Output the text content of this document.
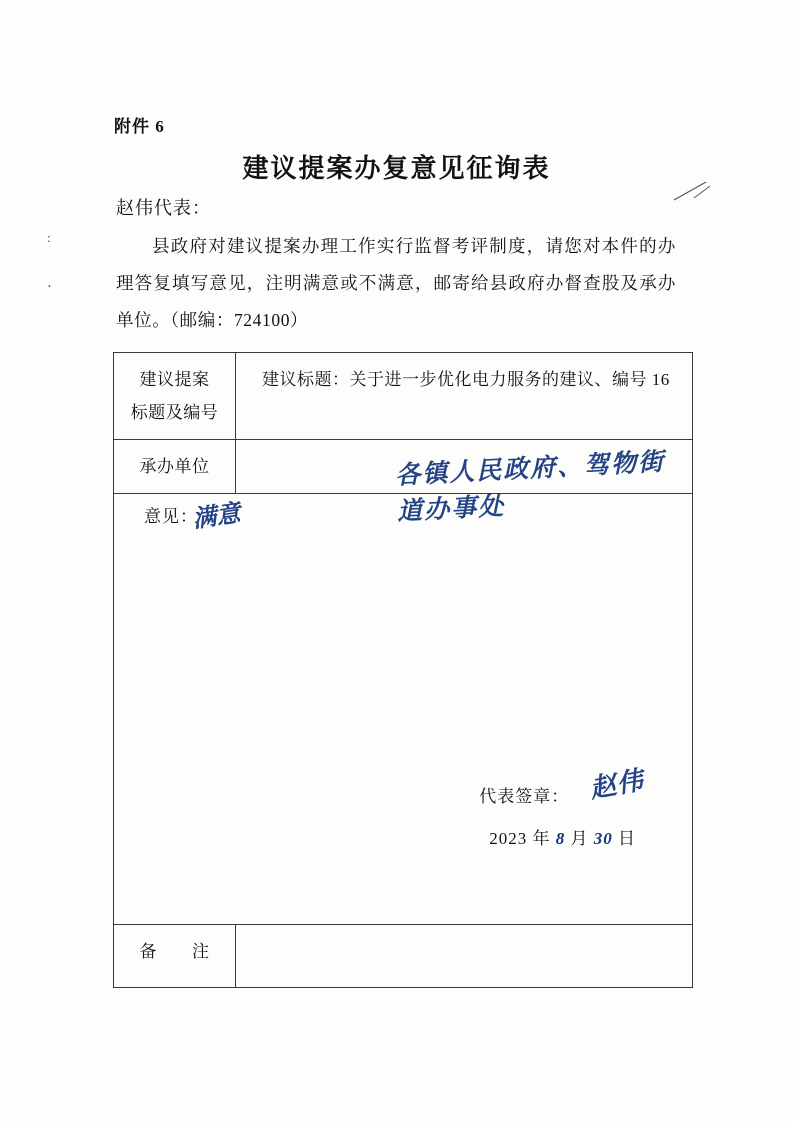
附件 6
建议提案办复意见征询表
赵伟代表：
县政府对建议提案办理工作实行监督考评制度，请您对本件的办理答复填写意见，注明满意或不满意，邮寄给县政府办督查股及承办单位。（邮编：724100）
:
·
建议提案
标题及编号	建议标题：关于进一步优化电力服务的建议、编号 16

承办单位	各镇人民政府、驾物街道办事处

意见：
满意
代表签章： 赵伟
2023 年 8 月 30 日	

备　　注	
